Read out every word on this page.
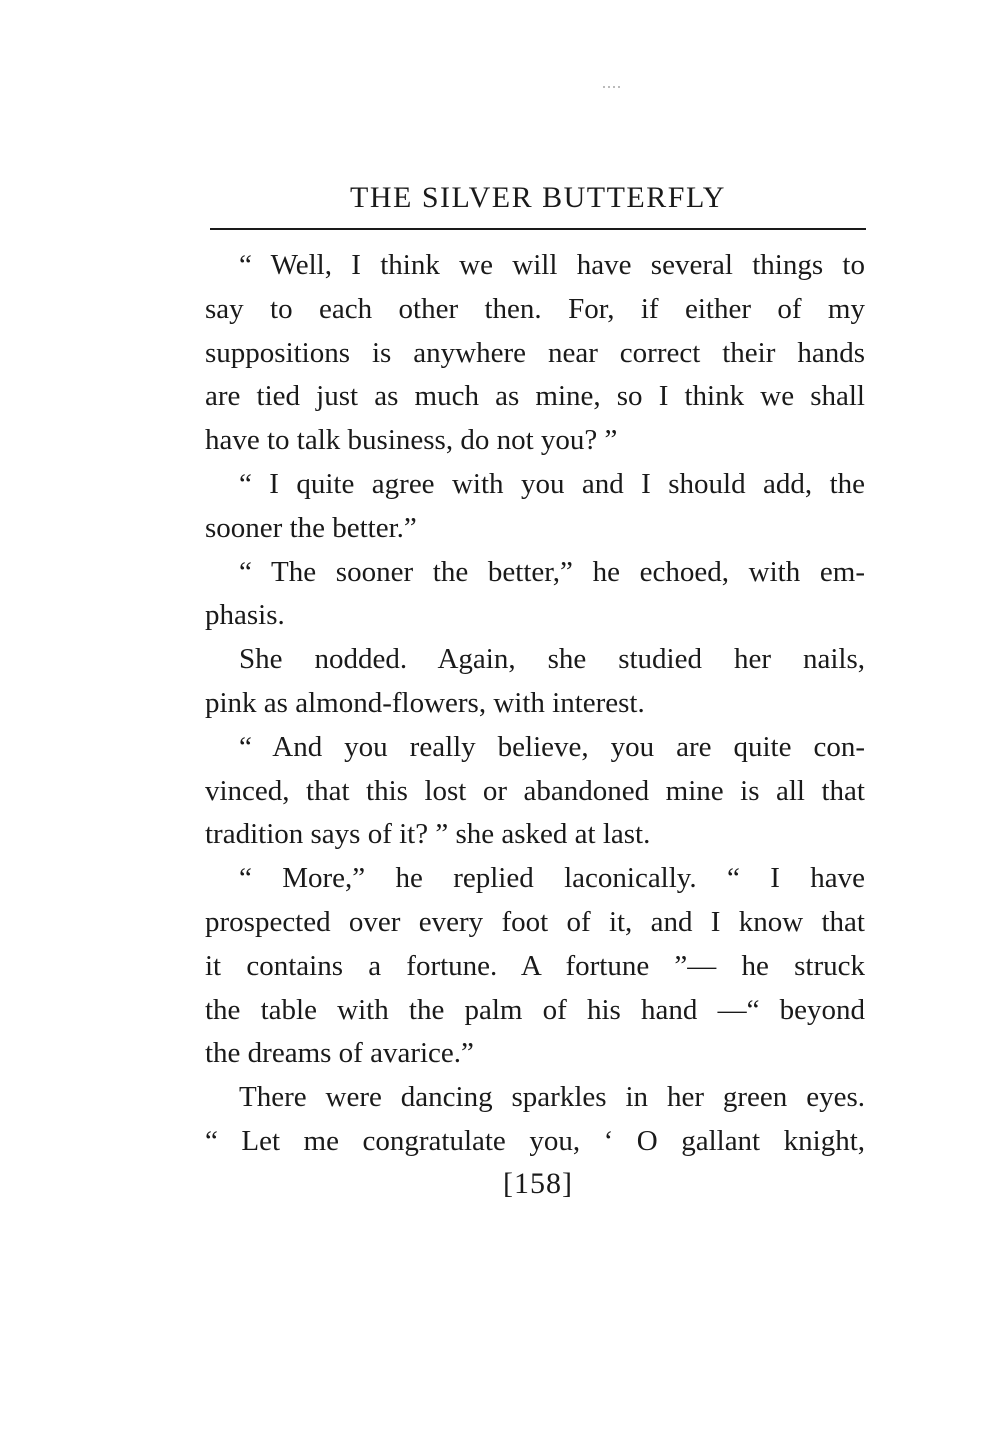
THE SILVER BUTTERFLY
“ Well, I think we will have several things to
say to each other then. For, if either of my
suppositions is anywhere near correct their hands
are tied just as much as mine, so I think we shall
have to talk business, do not you? ”
“ I quite agree with you and I should add, the
sooner the better.”
“ The sooner the better,” he echoed, with em-
phasis.
She nodded. Again, she studied her nails,
pink as almond-flowers, with interest.
“ And you really believe, you are quite con-
vinced, that this lost or abandoned mine is all that
tradition says of it? ” she asked at last.
“ More,” he replied laconically. “ I have
prospected over every foot of it, and I know that
it contains a fortune. A fortune ”— he struck
the table with the palm of his hand —“ beyond
the dreams of avarice.”
There were dancing sparkles in her green eyes.
“ Let me congratulate you, ‘ O gallant knight,
[158]
